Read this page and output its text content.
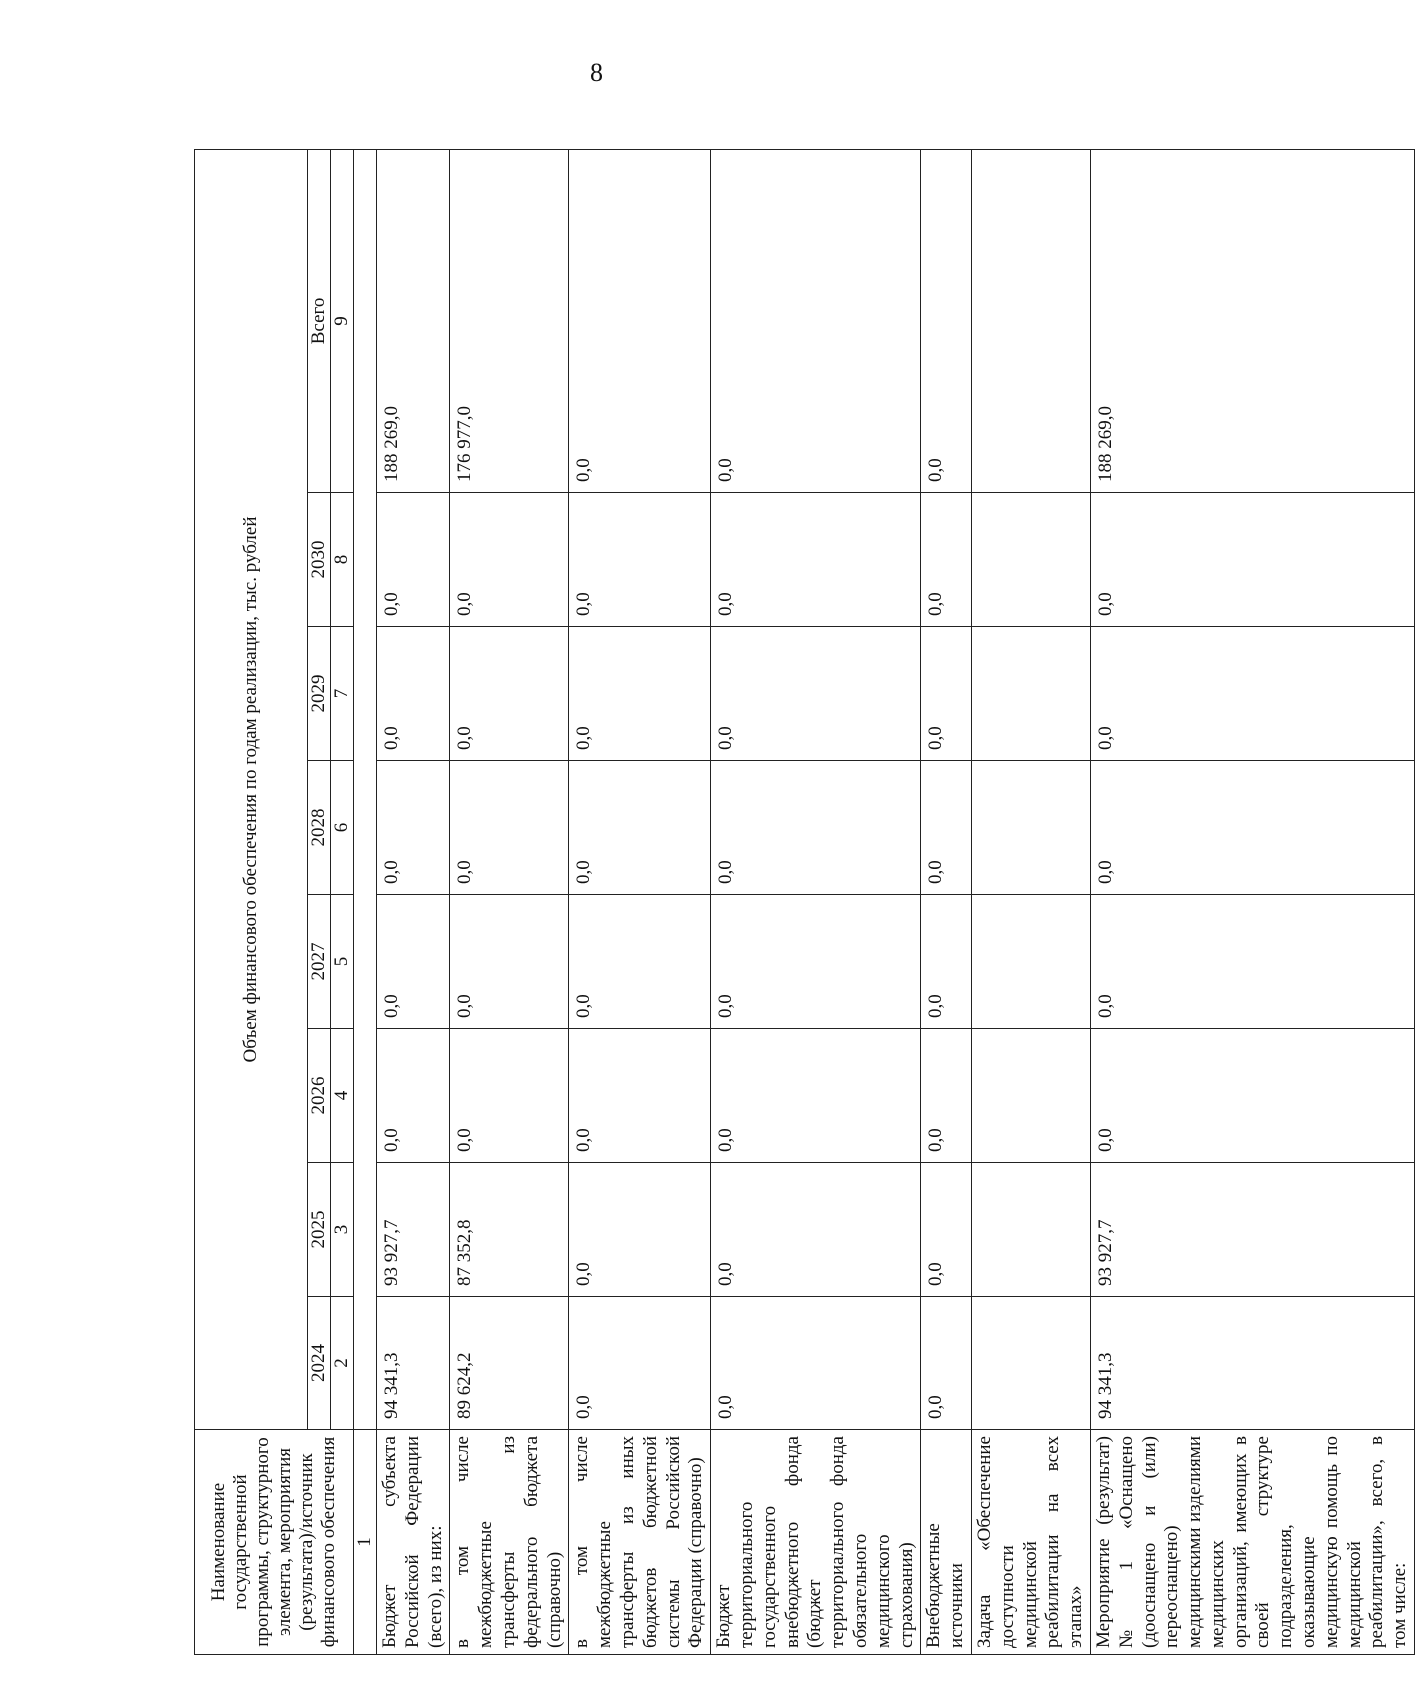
8
Наименование государственной программы, структурного элемента, мероприятия (результата)/источник финансового обеспечения	Объем финансового обеспечения по годам реализации, тыс. рублей							
	2024	2025	2026	2027	2028	2029	2030	Всего
	2	3	4	5	6	7	8	9
1								
Бюджет субъекта Российской Федерации (всего), из них:	94 341,3	93 927,7	0,0	0,0	0,0	0,0	0,0	188 269,0
в том числе межбюджетные трансферты из федерального бюджета (справочно)	89 624,2	87 352,8	0,0	0,0	0,0	0,0	0,0	176 977,0
в том числе межбюджетные трансферты из иных бюджетов бюджетной системы Российской Федерации (справочно)	0,0	0,0	0,0	0,0	0,0	0,0	0,0	0,0
Бюджет территориального государственного внебюджетного фонда (бюджет территориального фонда обязательного медицинского страхования)	0,0	0,0	0,0	0,0	0,0	0,0	0,0	0,0
Внебюджетные источники	0,0	0,0	0,0	0,0	0,0	0,0	0,0	0,0
Задача «Обеспечение доступности медицинской реабилитации на всех этапах»								
Мероприятие (результат) № 1 «Оснащено (дооснащено и (или) переоснащено) медицинскими изделиями медицинских организаций, имеющих в своей структуре подразделения, оказывающие медицинскую помощь по медицинской реабилитации», всего, в том числе:	94 341,3	93 927,7	0,0	0,0	0,0	0,0	0,0	188 269,0
